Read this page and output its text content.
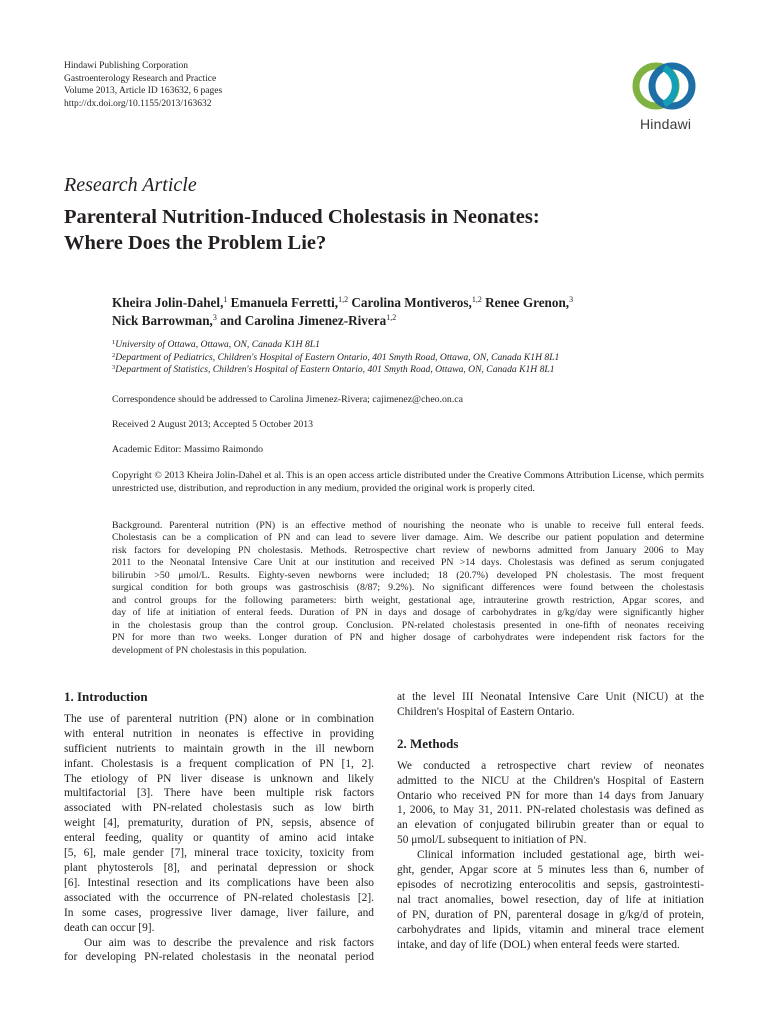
Hindawi Publishing Corporation
Gastroenterology Research and Practice
Volume 2013, Article ID 163632, 6 pages
http://dx.doi.org/10.1155/2013/163632
Hindawi
Research Article
Parenteral Nutrition-Induced Cholestasis in Neonates:
Where Does the Problem Lie?
Kheira Jolin-Dahel,$^1$ Emanuela Ferretti,$^{1,2}$ Carolina Montiveros,$^{1,2}$ Renee Grenon,$^3$
Nick Barrowman,$^3$ and Carolina Jimenez-Rivera$^{1,2}$
$^1$University of Ottawa, Ottawa, ON, Canada K1H 8L1
$^2$Department of Pediatrics, Children's Hospital of Eastern Ontario, 401 Smyth Road, Ottawa, ON, Canada K1H 8L1
$^3$Department of Statistics, Children's Hospital of Eastern Ontario, 401 Smyth Road, Ottawa, ON, Canada K1H 8L1
Correspondence should be addressed to Carolina Jimenez-Rivera; cajimenez@cheo.on.ca
Received 2 August 2013; Accepted 5 October 2013
Academic Editor: Massimo Raimondo
Copyright © 2013 Kheira Jolin-Dahel et al. This is an open access article distributed under the Creative Commons Attribution License, which permits unrestricted use, distribution, and reproduction in any medium, provided the original work is properly cited.
Background. Parenteral nutrition (PN) is an effective method of nourishing the neonate who is unable to receive full enteral feeds.
Cholestasis can be a complication of PN and can lead to severe liver damage. Aim. We describe our patient population and determine
risk factors for developing PN cholestasis. Methods. Retrospective chart review of newborns admitted from January 2006 to May
2011 to the Neonatal Intensive Care Unit at our institution and received PN >14 days. Cholestasis was defined as serum conjugated
bilirubin >50 μmol/L. Results. Eighty-seven newborns were included; 18 (20.7%) developed PN cholestasis. The most frequent
surgical condition for both groups was gastroschisis (8/87; 9.2%). No significant differences were found between the cholestasis
and control groups for the following parameters: birth weight, gestational age, intrauterine growth restriction, Apgar scores, and
day of life at initiation of enteral feeds. Duration of PN in days and dosage of carbohydrates in g/kg/day were significantly higher
in the cholestasis group than the control group. Conclusion. PN-related cholestasis presented in one-fifth of neonates receiving
PN for more than two weeks. Longer duration of PN and higher dosage of carbohydrates were independent risk factors for the
development of PN cholestasis in this population.
1. Introduction
The use of parenteral nutrition (PN) alone or in combination
with enteral nutrition in neonates is effective in providing
sufficient nutrients to maintain growth in the ill newborn
infant. Cholestasis is a frequent complication of PN [1, 2].
The etiology of PN liver disease is unknown and likely
multifactorial [3]. There have been multiple risk factors
associated with PN-related cholestasis such as low birth
weight [4], prematurity, duration of PN, sepsis, absence of
enteral feeding, quality or quantity of amino acid intake
[5, 6], male gender [7], mineral trace toxicity, toxicity from
plant phytosterols [8], and perinatal depression or shock
[6]. Intestinal resection and its complications have been also
associated with the occurrence of PN-related cholestasis [2].
In some cases, progressive liver damage, liver failure, and
death can occur [9].
Our aim was to describe the prevalence and risk factors
for developing PN-related cholestasis in the neonatal period
at the level III Neonatal Intensive Care Unit (NICU) at the
Children's Hospital of Eastern Ontario.
2. Methods
We conducted a retrospective chart review of neonates
admitted to the NICU at the Children's Hospital of Eastern
Ontario who received PN for more than 14 days from January
1, 2006, to May 31, 2011. PN-related cholestasis was defined as
an elevation of conjugated bilirubin greater than or equal to
50 μmol/L subsequent to initiation of PN.
Clinical information included gestational age, birth wei-
ght, gender, Apgar score at 5 minutes less than 6, number of
episodes of necrotizing enterocolitis and sepsis, gastrointesti-
nal tract anomalies, bowel resection, day of life at initiation
of PN, duration of PN, parenteral dosage in g/kg/d of protein,
carbohydrates and lipids, vitamin and mineral trace element
intake, and day of life (DOL) when enteral feeds were started.
